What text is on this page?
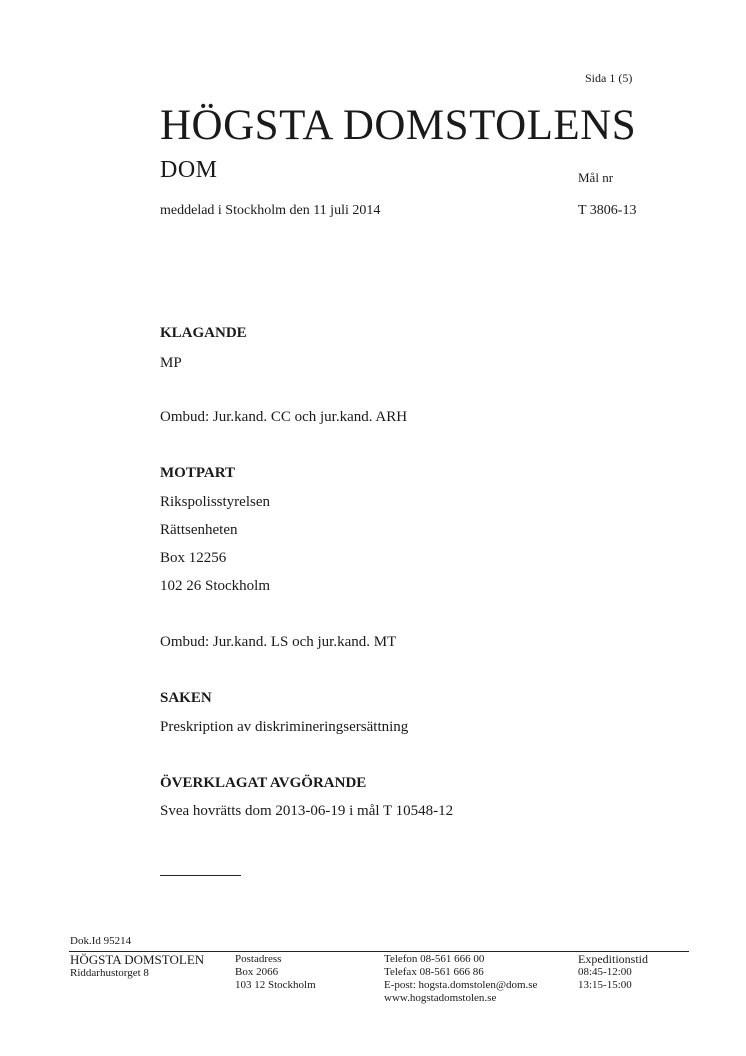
Sida 1 (5)
HÖGSTA DOMSTOLENS
DOM	Mål nr
meddelad i Stockholm den 11 juli 2014	T 3806-13
KLAGANDE
MP
Ombud: Jur.kand. CC och jur.kand. ARH
MOTPART
Rikspolisstyrelsen
Rättsenheten
Box 12256
102 26 Stockholm
Ombud: Jur.kand. LS och jur.kand. MT
SAKEN
Preskription av diskrimineringsersättning
ÖVERKLAGAT AVGÖRANDE
Svea hovrätts dom 2013-06-19 i mål T 10548-12
Dok.Id 95214
HÖGSTA DOMSTOLEN
Riddarhustorget 8
Postadress
Box 2066
103 12 Stockholm
Telefon 08-561 666 00
Telefax 08-561 666 86
E-post: hogsta.domstolen@dom.se
www.hogstadomstolen.se
Expeditionstid
08:45-12:00
13:15-15:00
